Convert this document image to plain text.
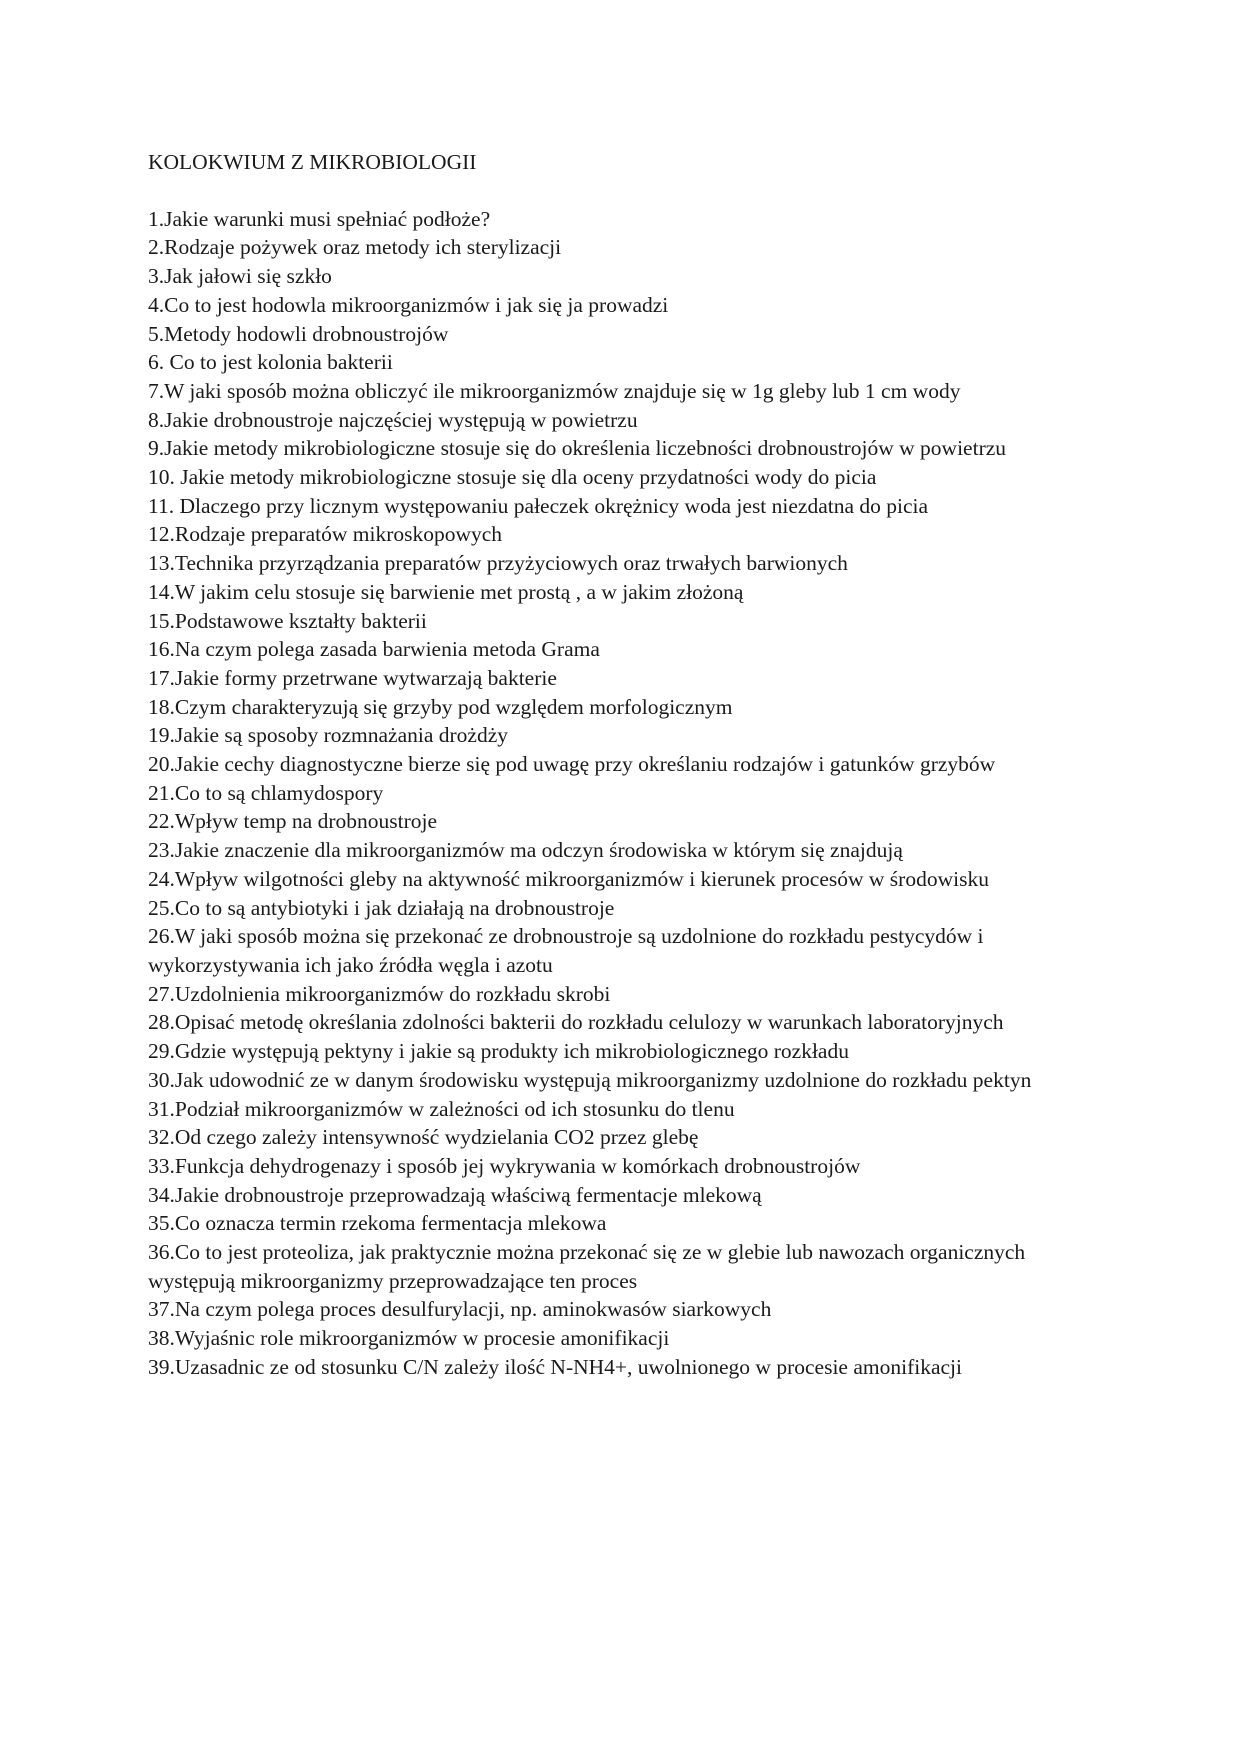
KOLOKWIUM Z MIKROBIOLOGII
1.Jakie warunki musi spełniać podłoże?
2.Rodzaje pożywek oraz metody ich sterylizacji
3.Jak jałowi się szkło
4.Co to jest hodowla mikroorganizmów i jak się ja prowadzi
5.Metody hodowli drobnoustrojów
6. Co to jest kolonia bakterii
7.W jaki sposób można obliczyć ile mikroorganizmów znajduje się w 1g gleby lub 1 cm wody
8.Jakie drobnoustroje najczęściej występują w powietrzu
9.Jakie metody mikrobiologiczne stosuje się do określenia liczebności drobnoustrojów w powietrzu
10. Jakie metody mikrobiologiczne stosuje się dla oceny przydatności wody do picia
11. Dlaczego przy licznym występowaniu pałeczek okrężnicy woda jest niezdatna do picia
12.Rodzaje preparatów mikroskopowych
13.Technika przyrządzania preparatów przyżyciowych oraz trwałych barwionych
14.W jakim celu stosuje się barwienie met prostą , a w jakim złożoną
15.Podstawowe kształty bakterii
16.Na czym polega zasada barwienia metoda Grama
17.Jakie formy przetrwane wytwarzają bakterie
18.Czym charakteryzują się grzyby pod względem morfologicznym
19.Jakie są sposoby rozmnażania drożdży
20.Jakie cechy diagnostyczne bierze się pod uwagę przy określaniu rodzajów i gatunków grzybów
21.Co to są chlamydospory
22.Wpływ temp na drobnoustroje
23.Jakie znaczenie dla mikroorganizmów ma odczyn środowiska w którym się znajdują
24.Wpływ wilgotności gleby na aktywność mikroorganizmów i kierunek procesów w środowisku
25.Co to są antybiotyki i jak działają na drobnoustroje
26.W jaki sposób można się przekonać ze drobnoustroje są uzdolnione do rozkładu pestycydów i wykorzystywania ich jako źródła węgla i azotu
27.Uzdolnienia mikroorganizmów do rozkładu skrobi
28.Opisać metodę określania zdolności bakterii do rozkładu celulozy w warunkach laboratoryjnych
29.Gdzie występują pektyny i jakie są produkty ich mikrobiologicznego rozkładu
30.Jak udowodnić ze w danym środowisku występują mikroorganizmy uzdolnione do rozkładu pektyn
31.Podział mikroorganizmów w zależności od ich stosunku do tlenu
32.Od czego zależy intensywność wydzielania CO2 przez glebę
33.Funkcja dehydrogenazy i sposób jej wykrywania w komórkach drobnoustrojów
34.Jakie drobnoustroje przeprowadzają właściwą fermentacje mlekową
35.Co oznacza termin rzekoma fermentacja mlekowa
36.Co to jest proteoliza, jak praktycznie można przekonać się ze w glebie lub nawozach organicznych występują mikroorganizmy przeprowadzające ten proces
37.Na czym polega proces desulfurylacji, np. aminokwasów siarkowych
38.Wyjaśnic role mikroorganizmów w procesie amonifikacji
39.Uzasadnic ze od stosunku C/N zależy ilość N-NH4+, uwolnionego w procesie amonifikacji
